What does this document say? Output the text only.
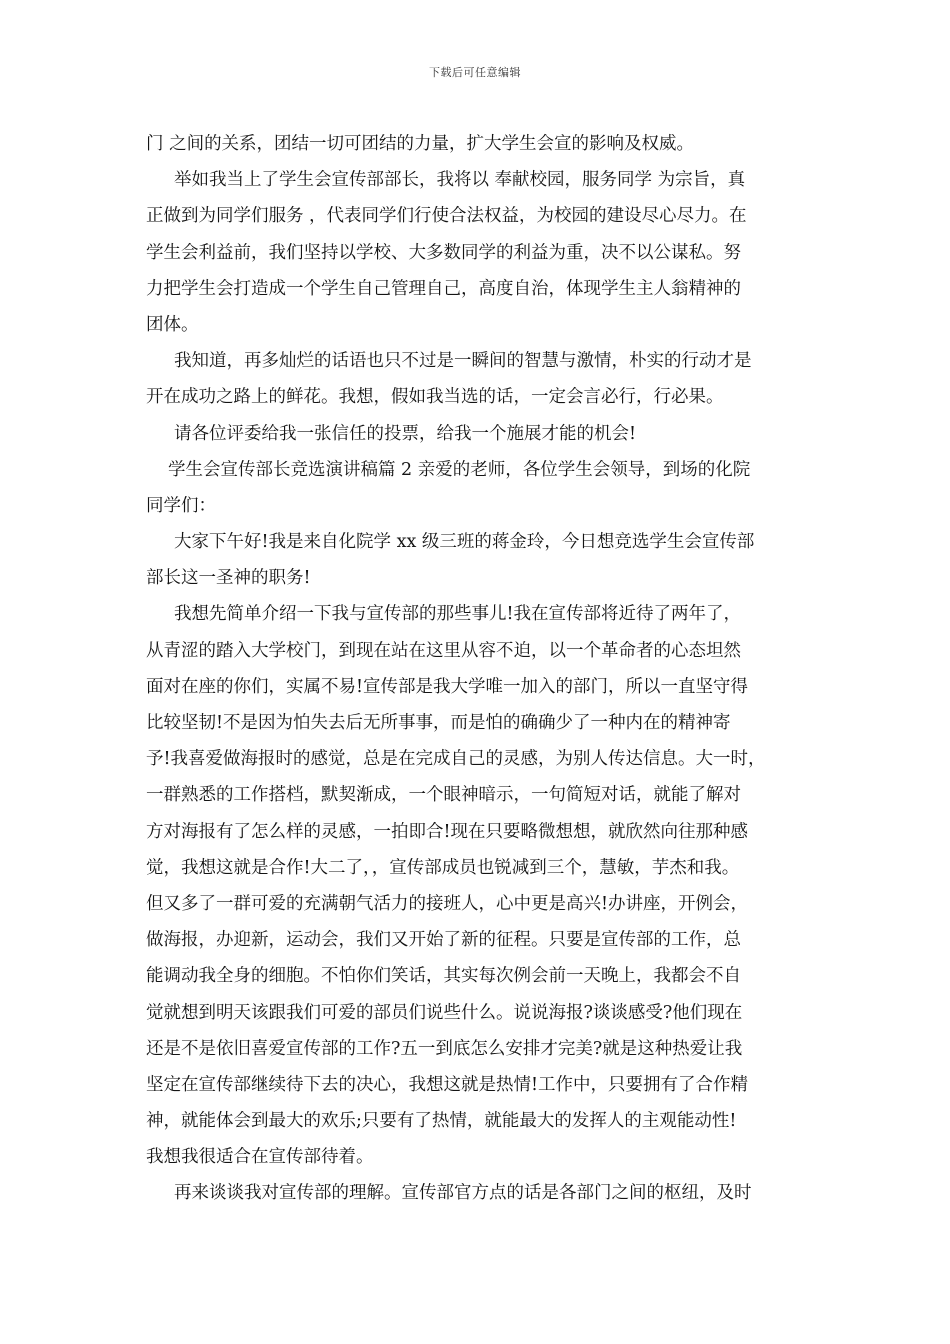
下载后可任意编辑
门 之间的关系，团结一切可团结的力量，扩大学生会宣的影响及权威。
举如我当上了学生会宣传部部长，我将以 奉献校园，服务同学 为宗旨，真
正做到为同学们服务 ，代表同学们行使合法权益，为校园的建设尽心尽力。在
学生会利益前，我们坚持以学校、大多数同学的利益为重，决不以公谋私。努
力把学生会打造成一个学生自己管理自己，高度自治，体现学生主人翁精神的
团体。
我知道，再多灿烂的话语也只不过是一瞬间的智慧与激情，朴实的行动才是
开在成功之路上的鲜花。我想，假如我当选的话，一定会言必行，行必果。
请各位评委给我一张信任的投票，给我一个施展才能的机会!
学生会宣传部长竞选演讲稿篇 2 亲爱的老师，各位学生会领导，到场的化院
同学们：
大家下午好!我是来自化院学 xx 级三班的蒋金玲，今日想竞选学生会宣传部
部长这一圣神的职务!
我想先简单介绍一下我与宣传部的那些事儿!我在宣传部将近待了两年了，
从青涩的踏入大学校门，到现在站在这里从容不迫，以一个革命者的心态坦然
面对在座的你们，实属不易!宣传部是我大学唯一加入的部门，所以一直坚守得
比较坚韧!不是因为怕失去后无所事事，而是怕的确确少了一种内在的精神寄
予!我喜爱做海报时的感觉，总是在完成自己的灵感，为别人传达信息。大一时，
一群熟悉的工作搭档，默契渐成，一个眼神暗示，一句简短对话，就能了解对
方对海报有了怎么样的灵感，一拍即合!现在只要略微想想，就欣然向往那种感
觉，我想这就是合作!大二了，，宣传部成员也锐减到三个，慧敏，芋杰和我。
但又多了一群可爱的充满朝气活力的接班人，心中更是高兴!办讲座，开例会，
做海报，办迎新，运动会，我们又开始了新的征程。只要是宣传部的工作，总
能调动我全身的细胞。不怕你们笑话，其实每次例会前一天晚上，我都会不自
觉就想到明天该跟我们可爱的部员们说些什么。说说海报?谈谈感受?他们现在
还是不是依旧喜爱宣传部的工作?五一到底怎么安排才完美?就是这种热爱让我
坚定在宣传部继续待下去的决心，我想这就是热情!工作中，只要拥有了合作精
神，就能体会到最大的欢乐;只要有了热情，就能最大的发挥人的主观能动性!
我想我很适合在宣传部待着。
再来谈谈我对宣传部的理解。宣传部官方点的话是各部门之间的枢纽，及时
